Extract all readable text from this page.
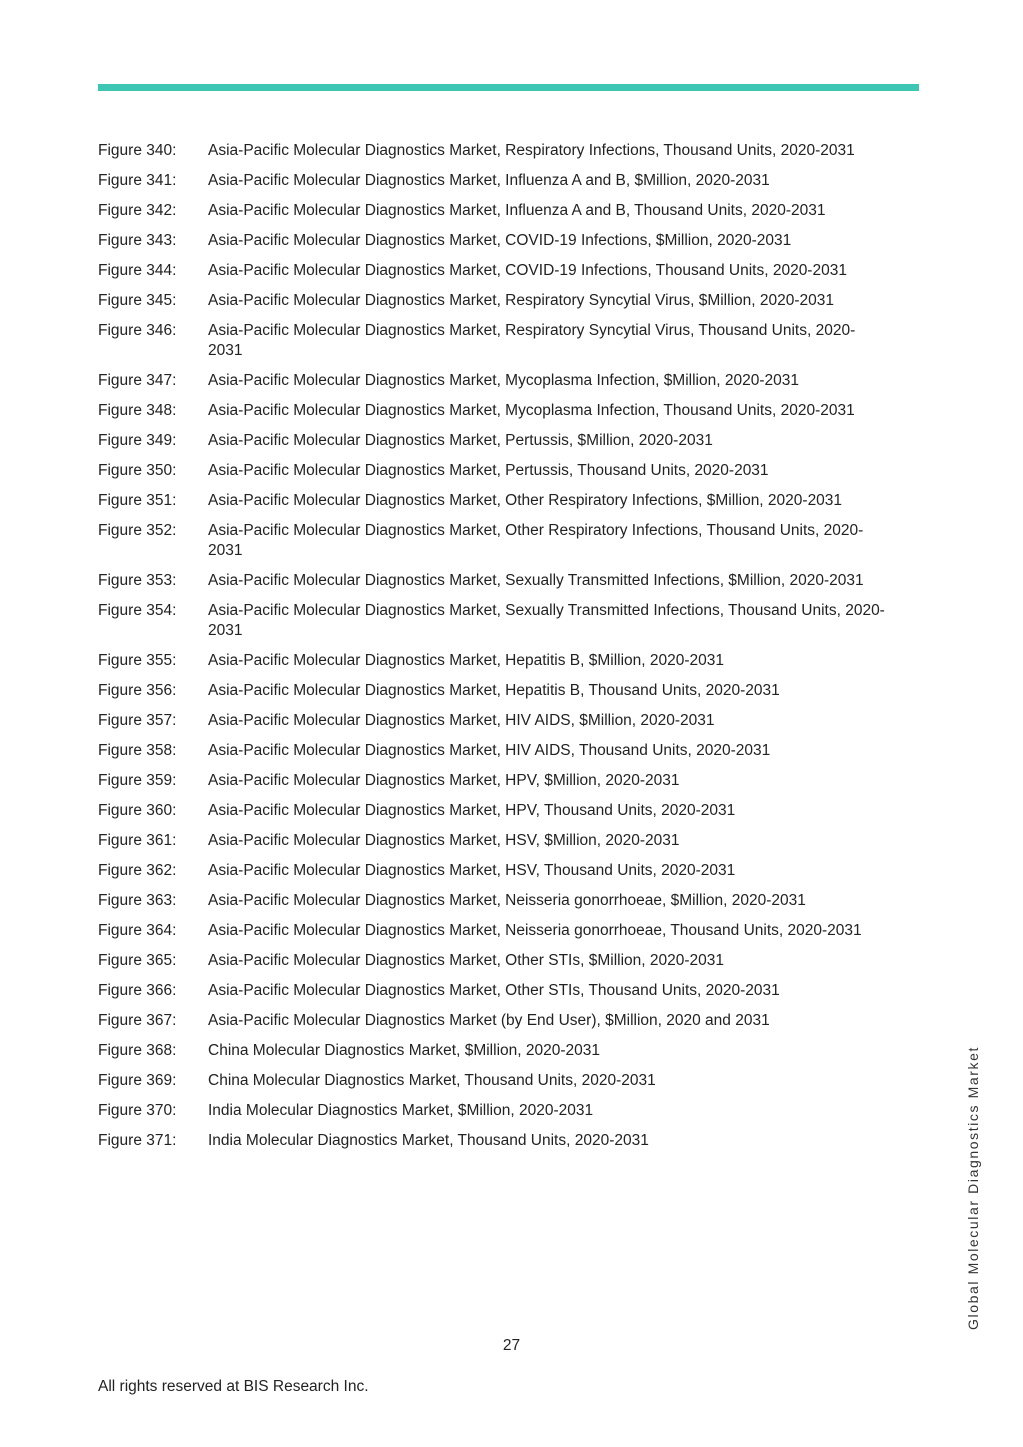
Figure 340:	Asia-Pacific Molecular Diagnostics Market, Respiratory Infections, Thousand Units, 2020-2031
Figure 341:	Asia-Pacific Molecular Diagnostics Market, Influenza A and B, $Million, 2020-2031
Figure 342:	Asia-Pacific Molecular Diagnostics Market, Influenza A and B, Thousand Units, 2020-2031
Figure 343:	Asia-Pacific Molecular Diagnostics Market, COVID-19 Infections, $Million, 2020-2031
Figure 344:	Asia-Pacific Molecular Diagnostics Market, COVID-19 Infections, Thousand Units, 2020-2031
Figure 345:	Asia-Pacific Molecular Diagnostics Market, Respiratory Syncytial Virus, $Million, 2020-2031
Figure 346:	Asia-Pacific Molecular Diagnostics Market, Respiratory Syncytial Virus, Thousand Units, 2020-2031
Figure 347:	Asia-Pacific Molecular Diagnostics Market, Mycoplasma Infection, $Million, 2020-2031
Figure 348:	Asia-Pacific Molecular Diagnostics Market, Mycoplasma Infection, Thousand Units, 2020-2031
Figure 349:	Asia-Pacific Molecular Diagnostics Market, Pertussis, $Million, 2020-2031
Figure 350:	Asia-Pacific Molecular Diagnostics Market, Pertussis, Thousand Units, 2020-2031
Figure 351:	Asia-Pacific Molecular Diagnostics Market, Other Respiratory Infections, $Million, 2020-2031
Figure 352:	Asia-Pacific Molecular Diagnostics Market, Other Respiratory Infections, Thousand Units, 2020-2031
Figure 353:	Asia-Pacific Molecular Diagnostics Market, Sexually Transmitted Infections, $Million, 2020-2031
Figure 354:	Asia-Pacific Molecular Diagnostics Market, Sexually Transmitted Infections, Thousand Units, 2020-2031
Figure 355:	Asia-Pacific Molecular Diagnostics Market, Hepatitis B, $Million, 2020-2031
Figure 356:	Asia-Pacific Molecular Diagnostics Market, Hepatitis B, Thousand Units, 2020-2031
Figure 357:	Asia-Pacific Molecular Diagnostics Market, HIV AIDS, $Million, 2020-2031
Figure 358:	Asia-Pacific Molecular Diagnostics Market, HIV AIDS, Thousand Units, 2020-2031
Figure 359:	Asia-Pacific Molecular Diagnostics Market, HPV, $Million, 2020-2031
Figure 360:	Asia-Pacific Molecular Diagnostics Market, HPV, Thousand Units, 2020-2031
Figure 361:	Asia-Pacific Molecular Diagnostics Market, HSV, $Million, 2020-2031
Figure 362:	Asia-Pacific Molecular Diagnostics Market, HSV, Thousand Units, 2020-2031
Figure 363:	Asia-Pacific Molecular Diagnostics Market, Neisseria gonorrhoeae, $Million, 2020-2031
Figure 364:	Asia-Pacific Molecular Diagnostics Market, Neisseria gonorrhoeae, Thousand Units, 2020-2031
Figure 365:	Asia-Pacific Molecular Diagnostics Market, Other STIs, $Million, 2020-2031
Figure 366:	Asia-Pacific Molecular Diagnostics Market, Other STIs, Thousand Units, 2020-2031
Figure 367:	Asia-Pacific Molecular Diagnostics Market (by End User), $Million, 2020 and 2031
Figure 368:	China Molecular Diagnostics Market, $Million, 2020-2031
Figure 369:	China Molecular Diagnostics Market, Thousand Units, 2020-2031
Figure 370:	India Molecular Diagnostics Market, $Million, 2020-2031
Figure 371:	India Molecular Diagnostics Market, Thousand Units, 2020-2031
27
All rights reserved at BIS Research Inc.
Global Molecular Diagnostics Market
